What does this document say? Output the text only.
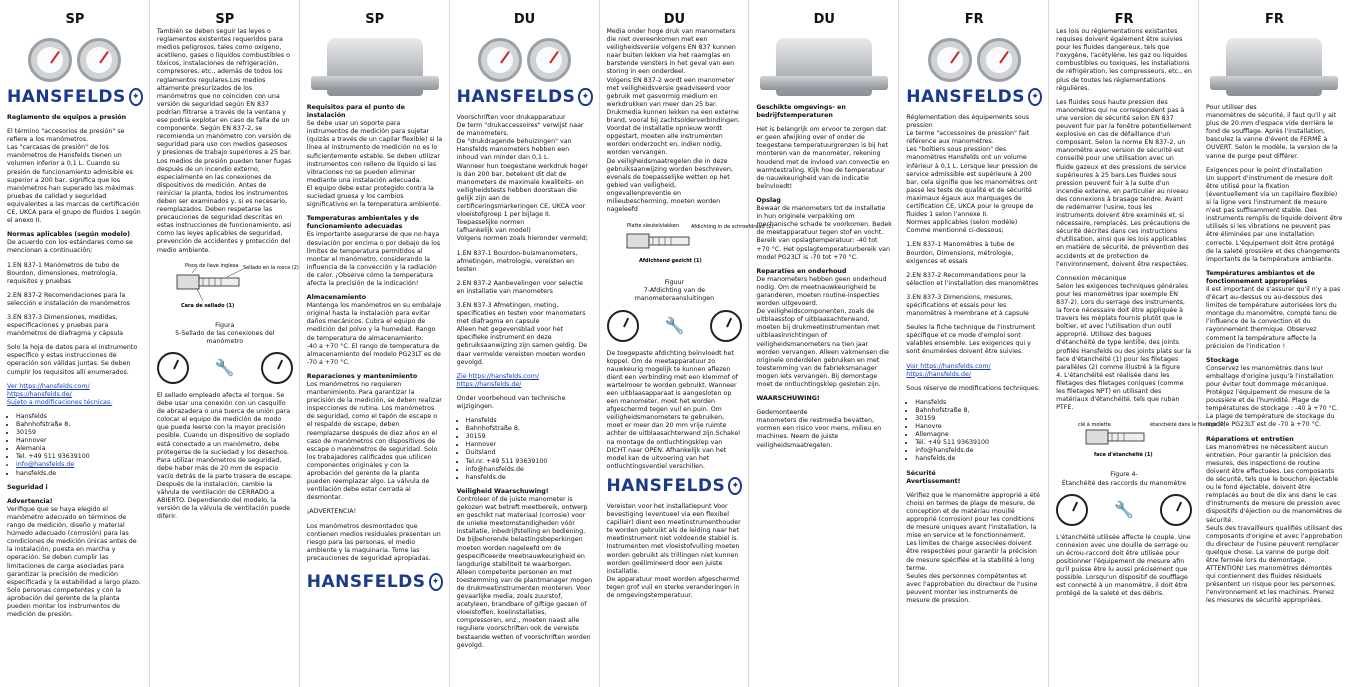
SP
HANSFELDS ✦

Reglamento de equipos a presión

El término "accesorios de presión" se refiere a los manómetros.
Las "carcasas de presión" de los manómetros de Hansfelds tienen un volumen inferior a 0,1 L. Cuando su presión de funcionamiento admisible es superior a 200 bar, significa que los manómetros han superado las máximas pruebas de calidad y seguridad equivalentes a las marcas de certificación CE, UKCA para el grupo de fluidos 1 según el anexo II.

Normas aplicables (según modelo)

De acuerdo con los estándares como se mencionan a continuación;

1.EN 837-1 Manómetros de tubo de Bourdon, dimensiones, metrología, requisitos y pruebas

2.EN 837-2 Recomendaciones para la selección e instalación de manómetros

3.EN 837-3 Dimensiones, medidas, especificaciones y pruebas para manómetros de diafragma y cápsula

Solo la hoja de datos para el instrumento específico y estas instrucciones de operación son válidas juntas. Se deben cumplir los requisitos allí enumerados.

Ver https://hansfelds.com/
https://hansfelds.de/
Sujeto a modificaciones técnicas.

• Hansfelds
• Bahnhofstraße 8,
• 30159
• Hannover
• Alemania
• Tel. +49 511 93639100
• info@hansfelds.de
• hansfelds.de

Seguridad i

Advertencia!

Verifique que se haya elegido el manómetro adecuado en términos de rango de medición, diseño y material húmedo adecuado (corrosión) para las condiciones de medición únicas antes de la instalación, puesta en marcha y operación. Se deben cumplir las limitaciones de carga asociadas para garantizar la precisión de medición especificada y la estabilidad a largo plazo. Solo personas competentes y con la aprobación del gerente de la planta pueden montar los instrumentos de medición de presión.

SP

También se deben seguir las leyes o reglamentos existentes requeridos para medios peligrosos, tales como oxígeno, acetileno, gases o líquidos combustibles o tóxicos, instalaciones de refrigeración, compresores, etc., además de todos los reglamentos regulares.Los medios altamente presurizados de los manómetros que no coinciden con una versión de seguridad según EN 837 podrían filtrarse a través de la ventana y ese podría explotar en caso de falla de un componente. Según EN 837-2, se recomienda un manómetro con versión de seguridad para uso con medios gaseosos y presiones de trabajo superiores a 25 bar. Los medios de presión pueden tener fugas después de un incendio externo, especialmente en las conexiones de dispositivos de medición. Antes de reiniciar la planta, todos los instrumentos deben ser examinados y, si es necesario, reemplazados. Deben respetarse las precauciones de seguridad descritas en estas instrucciones de funcionamiento, así como las leyes aplicables de seguridad, prevención de accidentes y protección del medio ambiente.

Pisos de llave inglesa Sellado en la rosca (2)
Cara de sellado (1)
Figura
5-Sellado de las conexiones del manómetro
🔧

El sellado empleado afecta el torque. Se debe usar una conexión con un casquillo de abrazadera o una tuerca de unión para colocar el equipo de medición de modo que pueda leerse con la mayor precisión posible. Cuando un dispositivo de soplado está conectado a un manómetro, debe protegerse de la suciedad y los desechos. Para utilizar manómetros de seguridad, debe haber más de 20 mm de espacio vacío detrás de la parte trasera de escape. Después de la instalación, cambie la válvula de ventilación de CERRADO a ABIERTO. Dependiendo del modelo, la versión de la válvula de ventilación puede diferir.

SP

Requisitos para el punto de instalación

Se debe usar un soporte para instrumentos de medición para sujetar (quizás a través de un capilar flexible) si la línea al instrumento de medición no es lo suficientemente estable. Se deben utilizar instrumentos con relleno de líquido si las vibraciones no se pueden eliminar mediante una instalación adecuada.
El equipo debe estar protegido contra la suciedad gruesa y los cambios significativos en la temperatura ambiente.

Temperaturas ambientales y de funcionamiento adecuadas

Es importante asegurarse de que no haya desviación por encima o por debajo de los límites de temperatura permitidos al montar el manómetro, considerando la influencia de la convección y la radiación de calor. ¡Observe cómo la temperatura afecta la precisión de la indicación!

Almacenamiento

Mantenga los manómetros en su embalaje original hasta la instalación para evitar daños mecánicos. Cubra el equipo de medición del polvo y la humedad. Rango de temperatura de almacenamiento:
-40 a +70 °C. El rango de temperatura de almacenamiento del modelo PG23LT es de -70 a +70 °C.

Reparaciones y mantenimiento

Los manómetros no requieren mantenimiento. Para garantizar la precisión de la medición, se deben realizar inspecciones de rutina. Los manómetros de seguridad, como el tapón de escape o el respaldo de escape, deben reemplazarse después de diez años en el caso de manómetros con dispositivos de escape o manómetros de seguridad. Solo los trabajadores calificados que utilicen componentes originales y con la aprobación del gerente de la planta pueden reemplazar algo. La válvula de ventilación debe estar cerrada al desmontar.

¡ADVERTENCIA!

Los manómetros desmontados que contienen medios residuales presentan un riesgo para las personas, el medio ambiente y la maquinaria. Tome las precauciones de seguridad apropiadas.

HANSFELDS ✦
DU
HANSFELDS ✦

Voorschriften voor drukapparatuur
De term "drukaccessoires" verwijst naar de manometers.
De "drukdragende behuizingen" van Hansfelds manometers hebben een inhoud van minder dan 0,1 L.
Wanneer hun toegestane werkdruk hoger is dan 200 bar, betekent dit dat de manometers de maximale kwaliteits- en veiligheidstests hebben doorstaan die gelijk zijn aan de certificeringsmarkeringen CE, UKCA voor vloeistofgroep 1 per bijlage II. Toepasselijke normen
(afhankelijk van model)
Volgens normen zoals hieronder vermeld;

1.EN 837-1 Bourdon-buismanometers, afmetingen, metrologie, vereisten en testen

2.EN 837-2 Aanbevelingen voor selectie en installatie van manometers

3.EN 837-3 Afmetingen, meting, specificaties en testen voor manometers met diafragma en capsule
Alleen het gegevensblad voor het specifieke instrument en deze gebruiksaanwijzing zijn samen geldig. De daar vermelde vereisten moeten worden gevolgd.

Zie https://hansfelds.com/
https://hansfelds.de/

Onder voorbehoud van technische wijzigingen.

• Hansfelds
• Bahnhofstraße 8,
• 30159
• Hannover
• Duitsland
• Tel.nr. +49 511 93639100
• info@hansfelds.de
• hansfelds.de

Veiligheid Waarschuwing!

Controleer of de juiste manometer is gekozen wat betreft meetbereik, ontwerp en geschikt nat materiaal (corrosie) voor de unieke meetomstandigheden vóór installatie, inbedrijfstelling en bediening. De bijbehorende belastingsbeperkingen moeten worden nageleefd om de gespecificeerde meetnauwkeurigheid en langdurige stabiliteit te waarborgen. Alleen competente personen en met toestemming van de plantmanager mogen de drukmeetinstrumenten monteren. Voor gevaarlijke media, zoals zuurstof, acetyleen, brandbare of giftige gassen of vloeistoffen, koelinstallaties, compressoren, enz., moeten naast alle reguliere voorschriften ook de vereiste bestaande wetten of voorschriften worden gevolgd.

DU

Media onder hoge druk van manometers die niet overeenkomen met een veiligheidsversie volgens EN 837 kunnen naar buiten lekken via het raamglas en barstende vensters in het geval van een storing in een onderdeel.
Volgens EN 837-2 wordt een manometer met veiligheidsversie geadviseerd voor gebruik met gasvormig medium en werkdrukken van meer dan 25 bar. Drukmedia kunnen lekken na een externe brand, vooral bij zachtsolderverbindingen. Voordat de installatie opnieuw wordt opgestart, moeten alle instrumenten worden onderzocht en, indien nodig, worden vervangen.
De veiligheidsmaatregelen die in deze gebruiksaanwijzing worden beschreven, evenals de toepasselijke wetten op het gebied van veiligheid, ongevallenpreventie en milieubescherming, moeten worden nageleefd

Platte sleutelvlakken Afdichting in de schroefdraad (2)
Afdichtend gezicht (1)
Figuur
7-Afdichting van de manometeraansluitingen
🔧

De toegepaste afdichting beïnvloedt het koppel. Om de meetapparatuur zo nauwkeurig mogelijk te kunnen aflezen dient een verbinding met een klemmof of wartelmoer te worden gebruikt. Wanneer een uitblaasapparaat is aangesloten op een manometer, moet het worden afgeschermd tegen vuil en puin. Om veiligheidsmanometers te gebruiken, moet er meer dan 20 mm vrije ruimte achter de uitblaasachterwand zijn.Schakel na montage de ontluchtingsklep van DICHT naar OPEN. Afhankelijk van het model kan de uitvoering van het ontluchtingsventiel verschillen.

HANSFELDS ✦

Vereisten voor het installatiepunt Voor bevestiging (eventueel via een flexibel capillair) dient een meetinstrumenthouder te worden gebruikt als de leiding naar het meetinstrument niet voldoende stabiel is. Instrumenten met vloeistofvulling moeten worden gebruikt als trillingen niet kunnen worden geëlimineerd door een juiste installatie.
De apparatuur moet worden afgeschermd tegen grof vuil en sterke veranderingen in de omgevingstemperatuur.

DU

Geschikte omgevings- en bedrijfstemperaturen

Het is belangrijk om ervoor te zorgen dat er geen afwijking over of onder de toegestane temperatuurgrenzen is bij het monteren van de manometer, rekening houdend met de invloed van convectie en warmtestraling. Kijk hoe de temperatuur de nauwkeurigheid van de indicatie beïnvloedt!

Opslag

Bewaar de manometers tot de installatie in hun originele verpakking om mechanische schade te voorkomen. Bedek de meetapparatuur tegen stof en vocht. Bereik van opslagtemperatuur: -40 tot +70 °C. Het opslagtemperatuurbereik van model PG23LT is -70 tot +70 °C.

Reparaties en onderhoud

De manometers hebben geen onderhoud nodig. Om de meetnauwkeurigheid te garanderen, moeten routine-inspecties worden uitgevoerd.
De veiligheidscomponenten, zoals de uitblaasstop of uitblaasachterwand, moeten bij drukmeetinstrumenten met uitblaasinrichtingen of veiligheidsmanometers na tien jaar worden vervangen. Alleen vakmensen die originele onderdelen gebruiken en met toestemming van de fabrieksmanager mogen iets vervangen. Bij demontage moet de ontluchtingsklep gesloten zijn.

WAARSCHUWING!

Gedemonteerde
manometers die restmedia bevatten, vormen een risico voor mens, milieu en machines. Neem de juiste veiligheidsmaatregelen.

FR
HANSFELDS ✦

Réglementation des équipements sous pression
Le terme "accessoires de pression" fait référence aux manomètres.
Les "boîtiers sous pression" des manomètres Hansfelds ont un volume inférieur à 0,1 L. Lorsque leur pression de service admissible est supérieure à 200 bar, cela signifie que les manomètres ont passé les tests de qualité et de sécurité maximaux égaux aux marquages de certification CE, UKCA pour le groupe de fluides 1 selon l'annexe II.
Normes applicables (selon modèle)
Comme mentionné ci-dessous;

1.EN 837-1 Manomètres à tube de Bourdon, Dimensions, métrologie, exigences et essais

2.EN 837-2 Recommandations pour la sélection et l'installation des manomètres

3.EN 837-3 Dimensions, mesures, spécifications et essais pour les manomètres à membrane et à capsule

Seules la fiche technique de l'instrument spécifique et ce mode d'emploi sont valables ensemble. Les exigences qui y sont énumérées doivent être suivies.

Voir https://hansfelds.com/
https://hansfelds.de/

Sous réserve de modifications techniques.

• Hansfelds
• Bahnhofstraße 8,
• 30159
• Hanovre
• Allemagne
• Tél. +49 511 93639100
• info@hansfelds.de
• hansfelds.de

Sécurité
Avertissement!

Vérifiez que le manomètre approprié a été choisi en termes de plage de mesure, de conception et de matériau mouillé approprié (corrosion) pour les conditions de mesure uniques avant l'installation, la mise en service et le fonctionnement.
Les limites de charge associées doivent être respectées pour garantir la précision de mesure spécifiée et la stabilité à long terme.
Seules des personnes compétentes et avec l'approbation du directeur de l'usine peuvent monter les instruments de mesure de pression.

FR

Les lois ou réglementations existantes requises doivent également être suivies pour les fluides dangereux, tels que l'oxygène, l'acétylène, les gaz ou liquides combustibles ou toxiques, les installations de réfrigération, les compresseurs, etc., en plus de toutes les réglementations régulières.

Les fluides sous haute pression des manomètres qui ne correspondent pas à une version de sécurité selon EN 837 peuvent fuir par la fenêtre potentiellement explosive en cas de défaillance d'un composant. Selon la norme EN 837-2, un manomètre avec version de sécurité est conseillé pour une utilisation avec un fluide gazeux et des pressions de service supérieures à 25 bars.Les fluides sous pression peuvent fuir à la suite d'un incendie externe, en particulier au niveau des connexions à brasage tendre. Avant de redémarrer l'usine, tous les instruments doivent être examinés et, si nécessaire, remplacés. Les précautions de sécurité décrites dans ces instructions d'utilisation, ainsi que les lois applicables en matière de sécurité, de prévention des accidents et de protection de l'environnement, doivent être respectées.

Connexion mécanique
Selon les exigences techniques générales pour les manomètres (par exemple EN 837-2). Lors du serrage des instruments, la force nécessaire doit être appliquée à travers les méplats fournis plutôt que le boîtier, et avec l'utilisation d'un outil approprié. Utilisez des bagues d'étanchéité de type lentille, des joints profilés Hansfelds ou des joints plats sur la face d'étanchéité (1) pour les filetages parallèles (2) comme illustré à la figure
4. L'étanchéité est réalisée dans les filetages des filetages coniques (comme les filetages NPT) en utilisant des matériaux d'étanchéité, tels que ruban PTFE.

clé à molette	étanchéité dans le filetage (2)
face d'étanchéité (1)
Figure 4-
Étanchéité des raccords du manomètre
🔧

L'étanchéité utilisée affecte le couple. Une connexion avec une douille de serrage ou un écrou-raccord doit être utilisée pour positionner l'équipement de mesure afin qu'il puisse être lu aussi précisément que possible. Lorsqu'un dispositif de soufflage est connecté à un manomètre, il doit être protégé de la saleté et des débris.

FR

Pour utiliser des
manomètres de sécurité, il faut qu'il y ait plus de 20 mm d'espace vide derrière le fond de soufflage. Après l'installation, basculez la vanne d'évent de FERMÉ à OUVERT. Selon le modèle, la version de la vanne de purge peut différer.

Exigences pour le point d'installation
Un support d'instrument de mesure doit être utilisé pour la fixation (éventuellement via un capillaire flexible) si la ligne vers l'instrument de mesure n'est pas suffisamment stable. Des instruments remplis de liquide doivent être utilisés si les vibrations ne peuvent pas être éliminées par une installation correcte. L'équipement doit être protégé de la saleté grossière et des changements importants de la température ambiante.

Températures ambiantes et de fonctionnement appropriées

Il est important de s'assurer qu'il n'y a pas d'écart au-dessus ou au-dessous des limites de température autorisées lors du montage du manomètre, compte tenu de l'influence de la convection et du rayonnement thermique. Observez comment la température affecte la précision de l'indication !

Stockage

Conservez les manomètres dans leur emballage d'origine jusqu'à l'installation pour éviter tout dommage mécanique. Protégez l'équipement de mesure de la poussière et de l'humidité. Plage de températures de stockage : -40 à +70 °C. La plage de température de stockage du modèle PG23LT est de -70 à +70 °C.

Réparations et entretien

Les manomètres ne nécessitent aucun entretien. Pour garantir la précision des mesures, des inspections de routine doivent être effectuées. Les composants de sécurité, tels que le bouchon éjectable ou le fond éjectable, doivent être remplacés au bout de dix ans dans le cas d'instruments de mesure de pression avec dispositifs d'éjection ou de manomètres de sécurité.
Seuls des travailleurs qualifiés utilisant des composants d'origine et avec l'approbation du directeur de l'usine peuvent remplacer quelque chose. La vanne de purge doit être fermée lors du démontage. ATTENTION! Les manomètres démontés qui contiennent des fluides résiduels présentent un risque pour les personnes, l'environnement et les machines. Prenez les mesures de sécurité appropriées.
